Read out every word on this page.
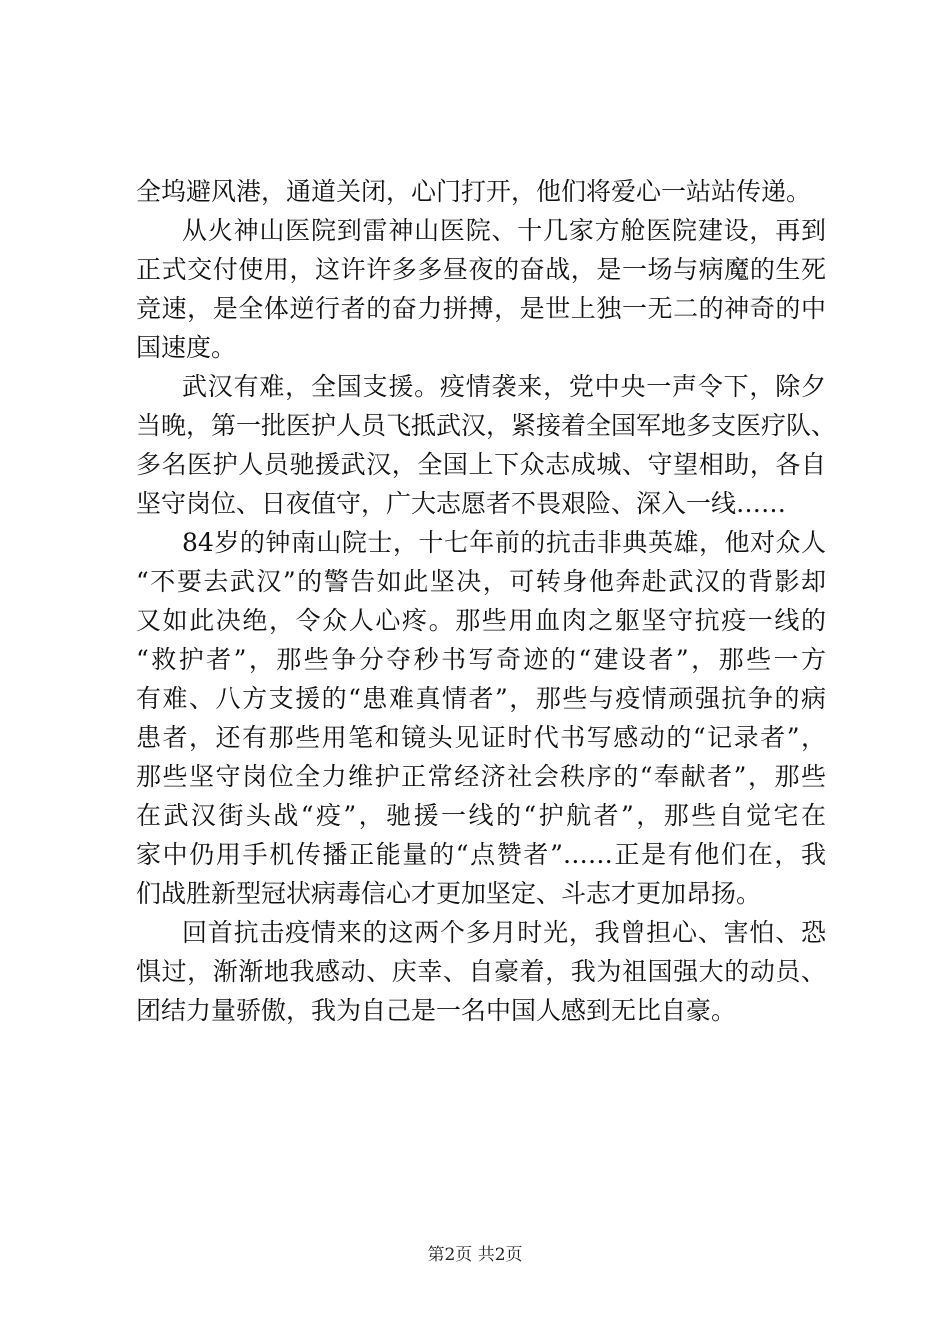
全坞避风港，通道关闭，心门打开，他们将爱心一站站传递。
从火神山医院到雷神山医院、十几家方舱医院建设，再到
正式交付使用，这许许多多昼夜的奋战，是一场与病魔的生死
竞速，是全体逆行者的奋力拼搏，是世上独一无二的神奇的中
国速度。
武汉有难，全国支援。疫情袭来，党中央一声令下，除夕
当晚，第一批医护人员飞抵武汉，紧接着全国军地多支医疗队、
多名医护人员驰援武汉，全国上下众志成城、守望相助，各自
坚守岗位、日夜值守，广大志愿者不畏艰险、深入一线……
84岁的钟南山院士，十七年前的抗击非典英雄，他对众人
“不要去武汉”的警告如此坚决，可转身他奔赴武汉的背影却
又如此决绝，令众人心疼。那些用血肉之躯坚守抗疫一线的
“救护者”，那些争分夺秒书写奇迹的“建设者”，那些一方
有难、八方支援的“患难真情者”，那些与疫情顽强抗争的病
患者，还有那些用笔和镜头见证时代书写感动的“记录者”，
那些坚守岗位全力维护正常经济社会秩序的“奉献者”，那些
在武汉街头战“疫”，驰援一线的“护航者”，那些自觉宅在
家中仍用手机传播正能量的“点赞者”……正是有他们在，我
们战胜新型冠状病毒信心才更加坚定、斗志才更加昂扬。
回首抗击疫情来的这两个多月时光，我曾担心、害怕、恐
惧过，渐渐地我感动、庆幸、自豪着，我为祖国强大的动员、
团结力量骄傲，我为自己是一名中国人感到无比自豪。
第2页 共2页
